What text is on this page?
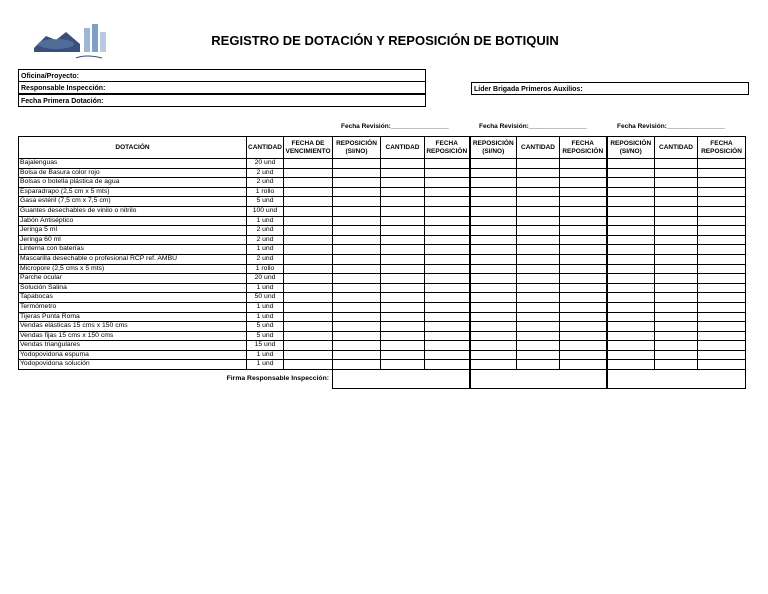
REGISTRO DE DOTACIÓN Y REPOSICIÓN DE BOTIQUIN
Oficina/Proyecto:
Responsable Inspección:
Fecha Primera Dotación:
Líder Brigada Primeros Auxilios:
Fecha Revisión:________________	Fecha Revisión:________________	Fecha Revisión:________________
DOTACIÓN	CANTIDAD	FECHA DE VENCIMIENTO	REPOSICIÓN (SI/NO)	CANTIDAD	FECHA REPOSICIÓN	REPOSICIÓN (SI/NO)	CANTIDAD	FECHA REPOSICIÓN	REPOSICIÓN (SI/NO)	CANTIDAD	FECHA REPOSICIÓN
Bajalenguas	20 und										
Bolsa de Basura color rojo	2 und										
Bolsas o botella plástica de agua	2 und										
Esparadrapo (2,5 cm x 5 mts)	1 rollo										
Gasa estéril (7,5 cm x 7,5 cm)	5 und										
Guantes desechables de vinilo o nitrilo	100 und										
Jabón Antiséptico	1 und										
Jeringa 5 ml	2 und										
Jeringa 60 ml	2 und										
Linterna con baterías	1 und										
Mascarilla desechable o profesional RCP ref. AMBU	2 und										
Micropore (2,5 cms x 5 mts)	1 rollo										
Parche ocular	20 und										
Solución Salina	1 und										
Tapabocas	50 und										
Termómetro	1 und										
Tijeras Punta Roma	1 und										
Vendas elásticas 15 cms x 150 cms	5 und										
Vendas fijas 15 cms x 150 cms	5 und										
Vendas triangulares	15 und										
Yodopovidona espuma	1 und										
Yodopovidona solución	1 und										
Firma Responsable Inspección:											
